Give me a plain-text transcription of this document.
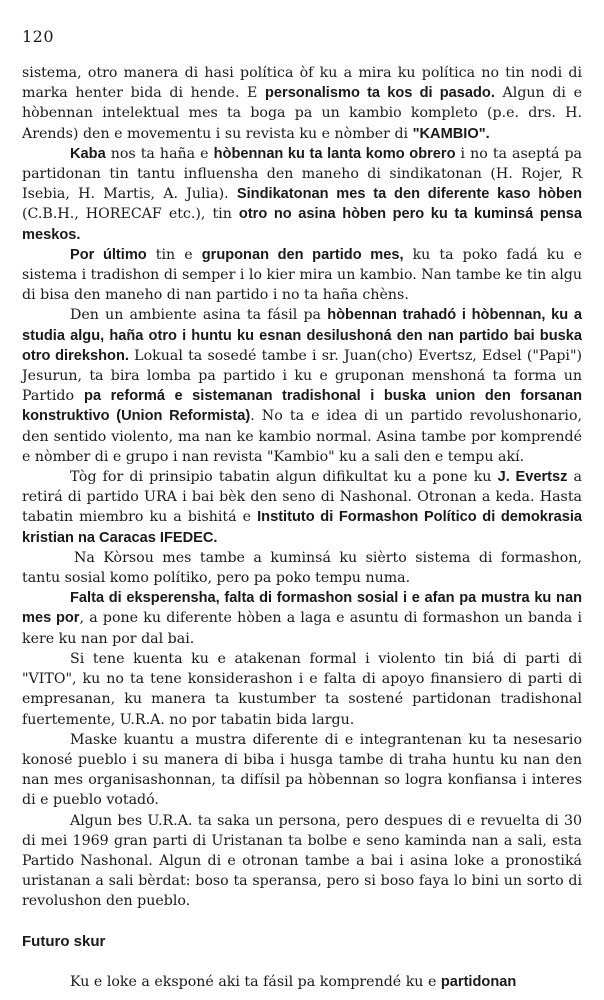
120

sistema, otro manera di hasi política òf ku a mira ku política no tin nodi di marka henter bida di hende. E personalismo ta kos di pasado. Algun di e hòbennan intelektual mes ta boga pa un kambio kompleto (p.e. drs. H. Arends) den e movementu i su revista ku e nòmber di "KAMBIO".

Kaba nos ta haña e hòbennan ku ta lanta komo obrero i no ta aseptá pa partidonan tin tantu influensha den maneho di sindikatonan (H. Rojer, R Isebia, H. Martis, A. Julia). Sindikatonan mes ta den diferente kaso hòben (C.B.H., HORECAF etc.), tin otro no asina hòben pero ku ta kuminsá pensa meskos.

Por último tin e gruponan den partido mes, ku ta poko fadá ku e sistema i tradishon di semper i lo kier mira un kambio. Nan tambe ke tin algu di bisa den maneho di nan partido i no ta haña chèns.

Den un ambiente asina ta fásil pa hòbennan trahadó i hòbennan, ku a studia algu, haña otro i huntu ku esnan desilushoná den nan partido bai buska otro direkshon. Lokual ta sosedé tambe i sr. Juan(cho) Evertsz, Edsel ("Papi") Jesurun, ta bira lomba pa partido i ku e gruponan menshoná ta forma un Partido pa reformá e sistemanan tradishonal i buska union den forsanan konstruktivo (Union Reformista). No ta e idea di un partido revolushonario, den sentido violento, ma nan ke kambio normal. Asina tambe por komprendé e nòmber di e grupo i nan revista "Kambio" ku a sali den e tempu akí.

Tòg for di prinsipio tabatin algun difikultat ku a pone ku J. Evertsz a retirá di partido URA i bai bèk den seno di Nashonal. Otronan a keda. Hasta tabatin miembro ku a bishitá e Instituto di Formashon Político di demokrasia kristian na Caracas IFEDEC.

Na Kòrsou mes tambe a kuminsá ku sièrto sistema di formashon, tantu sosial komo polítiko, pero pa poko tempu numa.

Falta di eksperensha, falta di formashon sosial i e afan pa mustra ku nan mes por, a pone ku diferente hòben a laga e asuntu di formashon un banda i kere ku nan por dal bai.

Si tene kuenta ku e atakenan formal i violento tin biá di parti di "VITO", ku no ta tene konsiderashon i e falta di apoyo finansiero di parti di empresanan, ku manera ta kustumber ta sostené partidonan tradishonal fuertemente, U.R.A. no por tabatin bida largu.

Maske kuantu a mustra diferente di e integrantenan ku ta nesesario konosé pueblo i su manera di biba i husga tambe di traha huntu ku nan den nan mes organisashonnan, ta difísil pa hòbennan so logra konfiansa i interes di e pueblo votadó.

Algun bes U.R.A. ta saka un persona, pero despues di e revuelta di 30 di mei 1969 gran parti di Uristanan ta bolbe e seno kaminda nan a sali, esta Partido Nashonal. Algun di e otronan tambe a bai i asina loke a pronostiká uristanan a sali bèrdat: boso ta speransa, pero si boso faya lo bini un sorto di revolushon den pueblo.

Futuro skur

Ku e loke a eksponé aki ta fásil pa komprendé ku e partidonan
